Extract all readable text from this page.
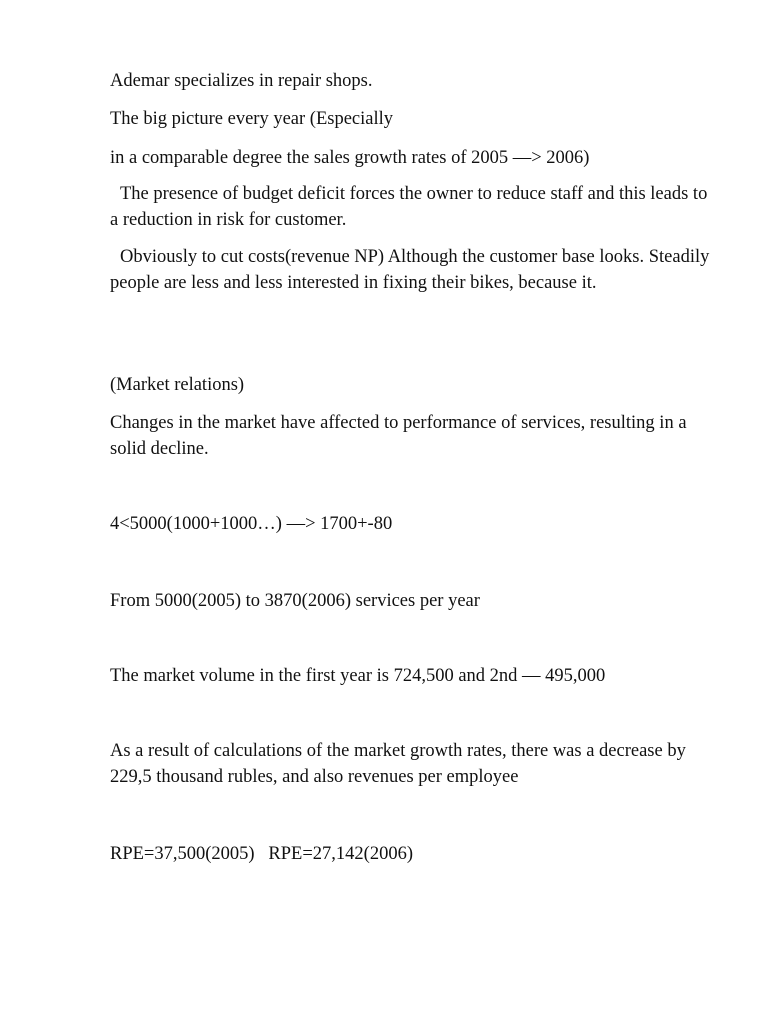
Ademar specializes in repair shops.

The big picture every year (Especially

in a comparable degree the sales growth rates of 2005 —> 2006)

The presence of budget deficit forces the owner to reduce staff and this leads to a reduction in risk for customer.

Obviously to cut costs(revenue NP) Although the customer base looks. Steadily people are less and less interested in fixing their bikes, because it.

(Market relations)

Changes in the market have affected to performance of services, resulting in a solid decline.

4<5000(1000+1000…) —> 1700+-80

From 5000(2005) to 3870(2006) services per year

The market volume in the first year is 724,500 and 2nd — 495,000

As a result of calculations of the market growth rates, there was a decrease by 229,5 thousand rubles, and also revenues per employee

RPE=37,500(2005)   RPE=27,142(2006)
